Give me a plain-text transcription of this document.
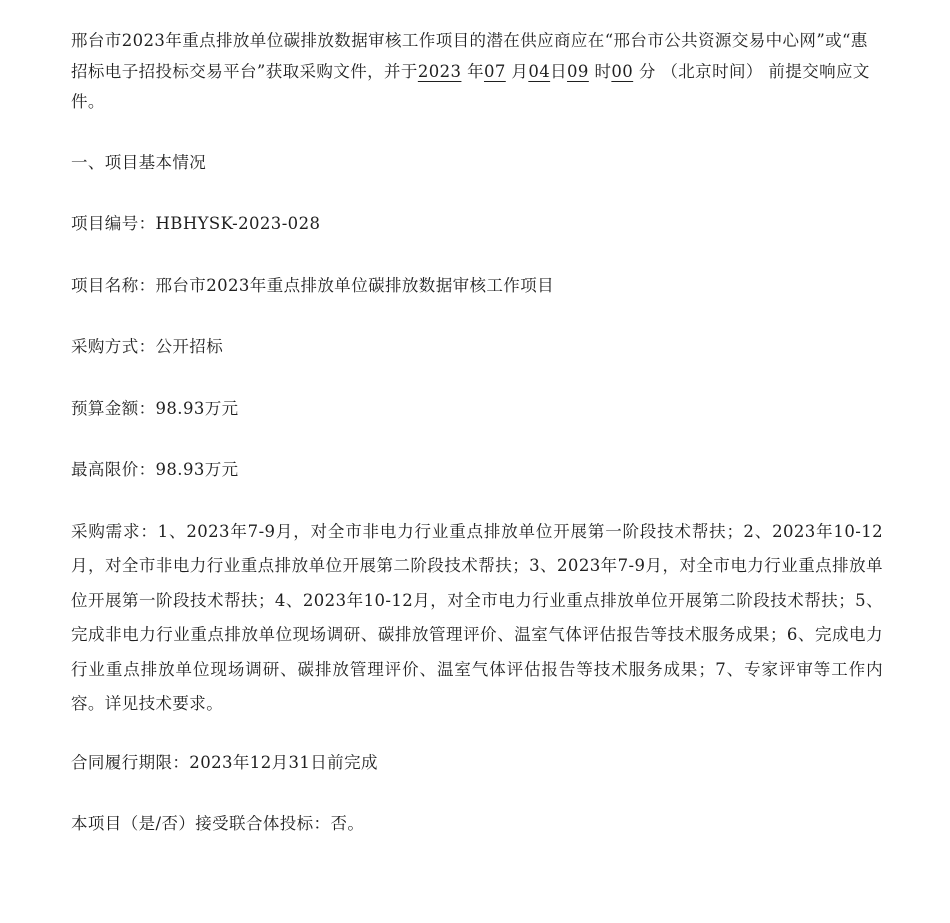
邢台市2023年重点排放单位碳排放数据审核工作项目的潜在供应商应在“邢台市公共资源交易中心网”或“惠招标电子招投标交易平台”获取采购文件，并于2023 年07 月04日09 时00 分 （北京时间） 前提交响应文件。

一、项目基本情况

项目编号：HBHYSK-2023-028

项目名称：邢台市2023年重点排放单位碳排放数据审核工作项目

采购方式：公开招标

预算金额：98.93万元

最高限价：98.93万元

采购需求：1、2023年7-9月，对全市非电力行业重点排放单位开展第一阶段技术帮扶；2、2023年10-12月，对全市非电力行业重点排放单位开展第二阶段技术帮扶；3、2023年7-9月，对全市电力行业重点排放单位开展第一阶段技术帮扶；4、2023年10-12月，对全市电力行业重点排放单位开展第二阶段技术帮扶；5、完成非电力行业重点排放单位现场调研、碳排放管理评价、温室气体评估报告等技术服务成果；6、完成电力行业重点排放单位现场调研、碳排放管理评价、温室气体评估报告等技术服务成果；7、专家评审等工作内容。详见技术要求。

合同履行期限：2023年12月31日前完成

本项目（是/否）接受联合体投标：否。
